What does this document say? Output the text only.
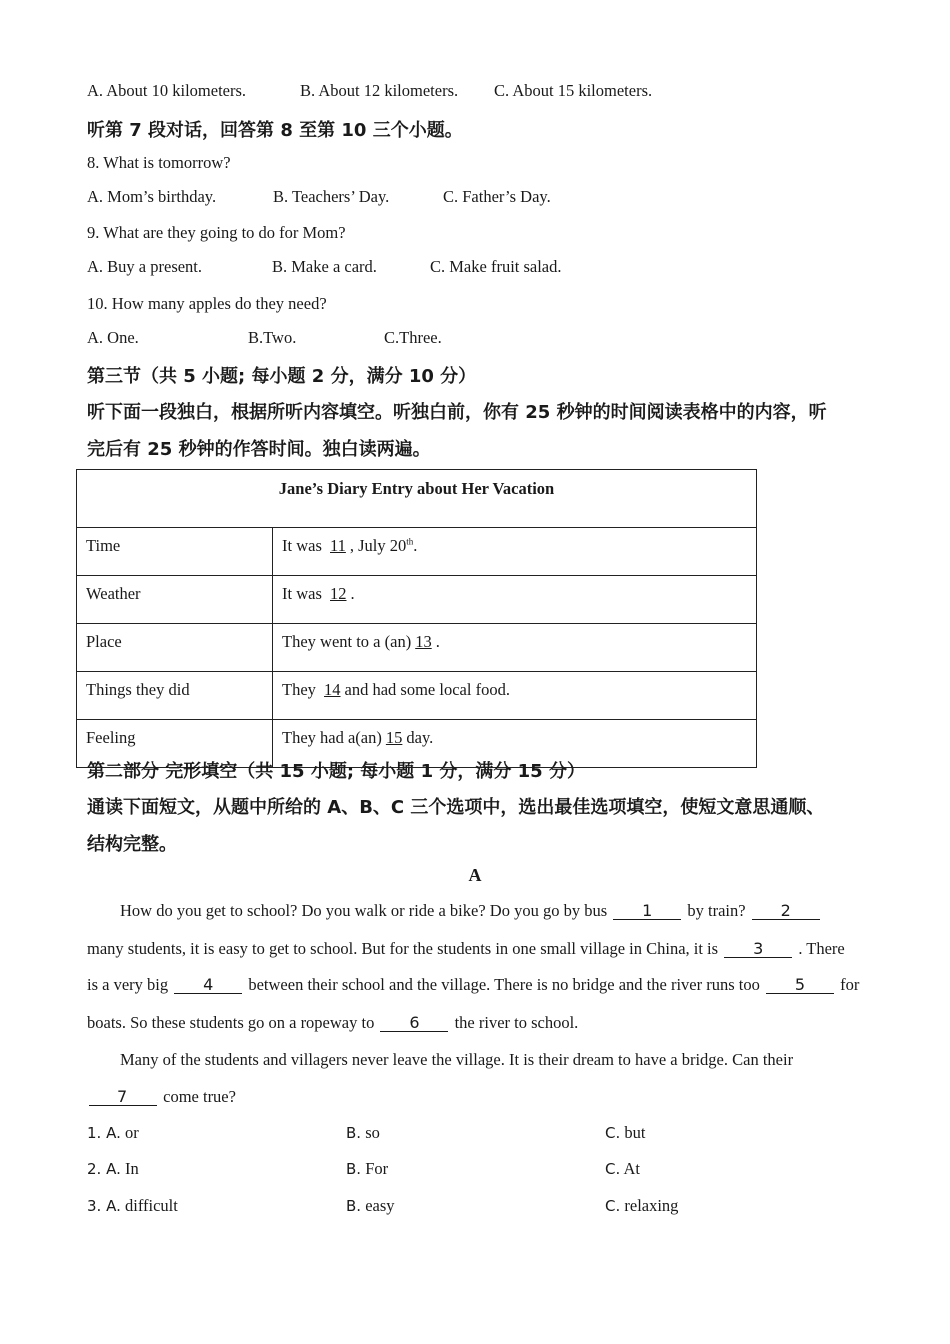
A. About 10 kilometers.	B. About 12 kilometers. C. About 15 kilometers.
听第 7 段对话，回答第 8 至第 10 三个小题。
8. What is tomorrow?
A. Mom’s birthday.	B. Teachers’ Day.	C. Father’s Day.
9. What are they going to do for Mom?
A. Buy a present.	B. Make a card.	C. Make fruit salad.
10. How many apples do they need?
A. One.	B.Two.	C.Three.
第三节（共 5 小题; 每小题 2 分，满分 10 分）
听下面一段独白，根据所听内容填空。听独白前，你有 25 秒钟的时间阅读表格中的内容，听
完后有 25 秒钟的作答时间。独白读两遍。
Jane’s Diary Entry about Her Vacation	
Time	It was 11, July 20th.
Weather	It was 12.
Place	They went to a (an) 13.
Things they did	They 14and had some local food.
Feeling	They had a(an) 15day.
第二部分 完形填空（共 15 小题; 每小题 1 分，满分 15 分）
通读下面短文，从题中所给的 A、B、C 三个选项中，选出最佳选项填空，使短文意思通顺、
结构完整。
A
How do you get to school? Do you walk or ride a bike? Do you go by bus 1 by train? 2
many students, it is easy to get to school. But for the students in one small village in China, it is 3 . There
is a very big 4 between their school and the village. There is no bridge and the river runs too 5 for
boats. So these students go on a ropeway to 6 the river to school.
Many of the students and villagers never leave the village. It is their dream to have a bridge. Can their
7 come true?
1. A. or	B. so	C. but
2. A. In	B. For	C. At
3. A. difficult	B. easy	C. relaxing
